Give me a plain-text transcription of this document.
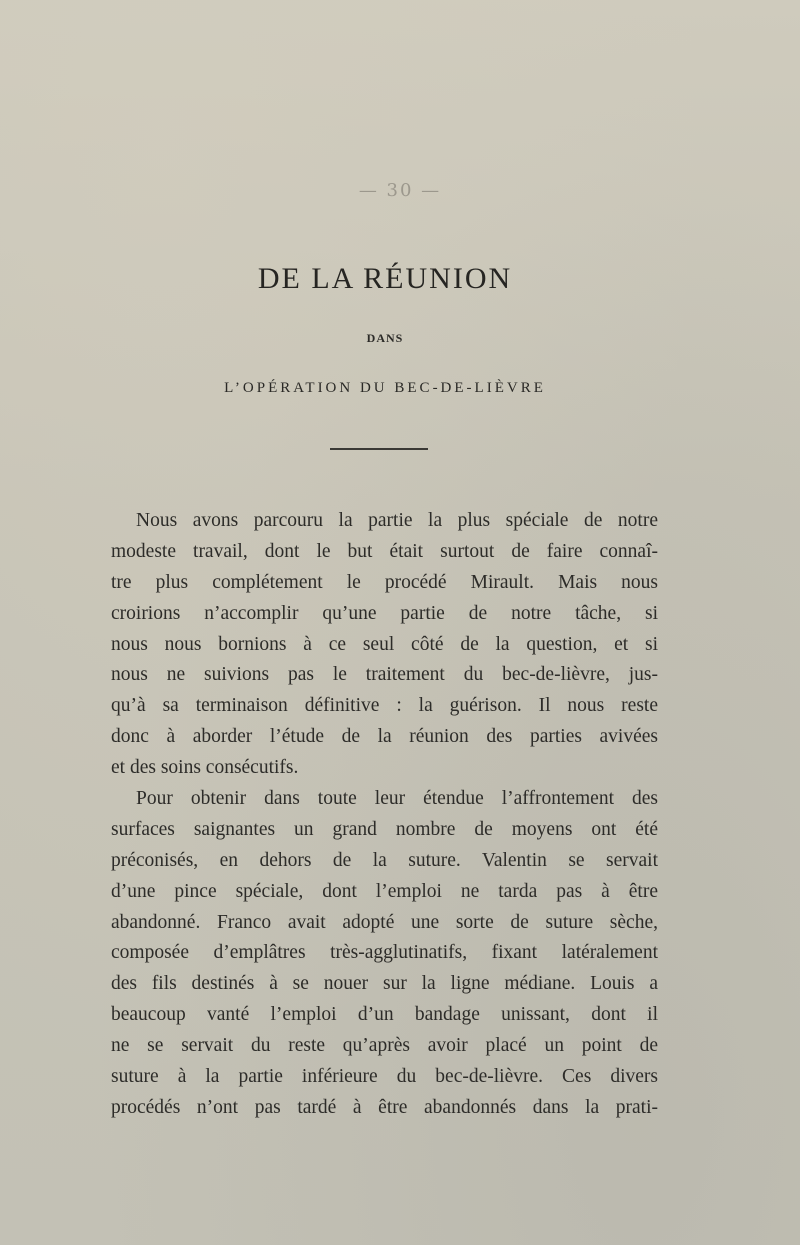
— 30 —
DE LA RÉUNION
DANS
L’OPÉRATION DU BEC-DE-LIÈVRE
Nous avons parcouru la partie la plus spéciale de notre
modeste travail, dont le but était surtout de faire connaî-
tre plus complétement le procédé Mirault. Mais nous
croirions n’accomplir qu’une partie de notre tâche, si
nous nous bornions à ce seul côté de la question, et si
nous ne suivions pas le traitement du bec-de-lièvre, jus-
qu’à sa terminaison définitive : la guérison. Il nous reste
donc à aborder l’étude de la réunion des parties avivées
et des soins consécutifs.
Pour obtenir dans toute leur étendue l’affrontement des
surfaces saignantes un grand nombre de moyens ont été
préconisés, en dehors de la suture. Valentin se servait
d’une pince spéciale, dont l’emploi ne tarda pas à être
abandonné. Franco avait adopté une sorte de suture sèche,
composée d’emplâtres très-agglutinatifs, fixant latéralement
des fils destinés à se nouer sur la ligne médiane. Louis a
beaucoup vanté l’emploi d’un bandage unissant, dont il
ne se servait du reste qu’après avoir placé un point de
suture à la partie inférieure du bec-de-lièvre. Ces divers
procédés n’ont pas tardé à être abandonnés dans la prati-
